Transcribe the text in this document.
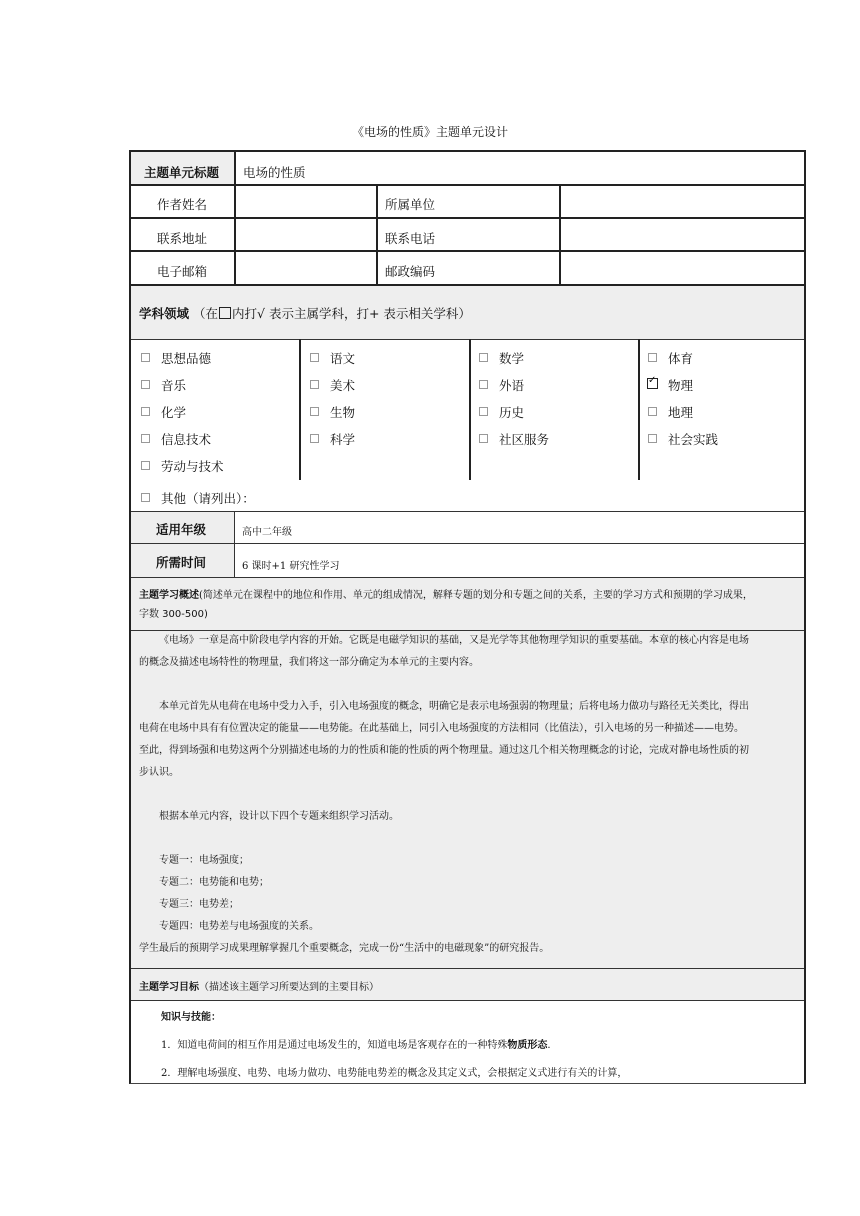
《电场的性质》主题单元设计
主题单元标题 电场的性质
作者姓名	所属单位
联系地址	联系电话
电子邮箱	邮政编码
学科领域 （在 内打√ 表示主属学科，打+ 表示相关学科）
思想品德
音乐
化学
信息技术
劳动与技术
语文
美术
生物
科学
数学
外语
历史
社区服务
体育
✓
物理
地理
社会实践
其他（请列出）：
适用年级	高中二年级
所需时间	6 课时+1 研究性学习
主题学习概述(简述单元在课程中的地位和作用、单元的组成情况，解释专题的划分和专题之间的关系，主要的学习方式和预期的学习成果，
字数 300-500)

《电场》一章是高中阶段电学内容的开始。它既是电磁学知识的基础，又是光学等其他物理学知识的重要基础。本章的核心内容是电场

的概念及描述电场特性的物理量，我们将这一部分确定为本单元的主要内容。

本单元首先从电荷在电场中受力入手，引入电场强度的概念，明确它是表示电场强弱的物理量；后将电场力做功与路径无关类比，得出

电荷在电场中具有有位置决定的能量——电势能。在此基础上，同引入电场强度的方法相同（比值法），引入电场的另一种描述——电势。

至此，得到场强和电势这两个分别描述电场的力的性质和能的性质的两个物理量。通过这几个相关物理概念的讨论，完成对静电场性质的初

步认识。

根据本单元内容，设计以下四个专题来组织学习活动。

专题一：电场强度；

专题二：电势能和电势；

专题三：电势差；

专题四：电势差与电场强度的关系。

学生最后的预期学习成果理解掌握几个重要概念，完成一份“生活中的电磁现象”的研究报告。

主题学习目标（描述该主题学习所要达到的主要目标）

知识与技能：

1．知道电荷间的相互作用是通过电场发生的，知道电场是客观存在的一种特殊物质形态.

2．理解电场强度、电势、电场力做功、电势能电势差的概念及其定义式，会根据定义式进行有关的计算，
